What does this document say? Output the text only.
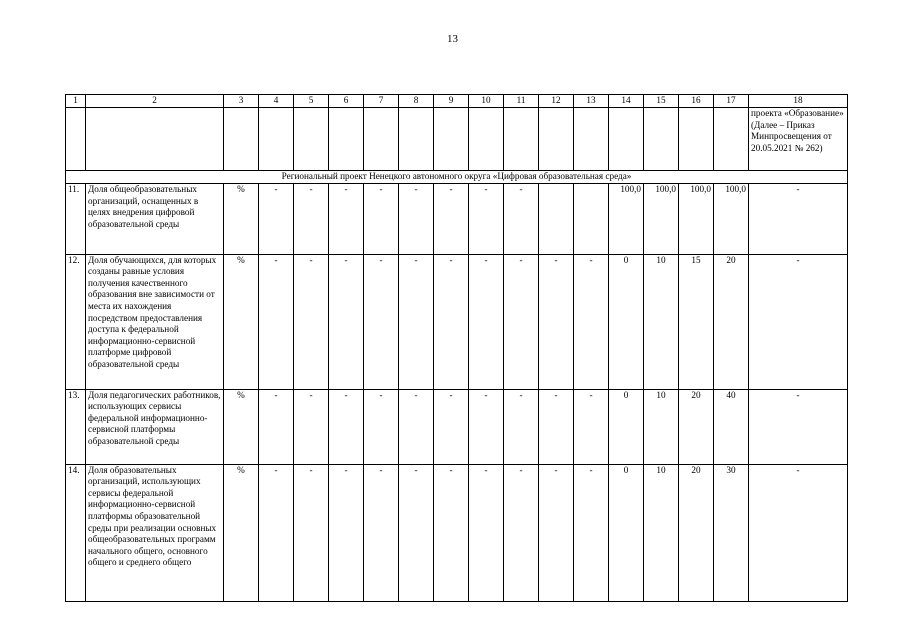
13
1	2	3	4	5	6	7	8	9	10	11	12	13	14	15	16	17	18	
																	проекта «Образование» (Далее – Приказ Минпросвещения от 20.05.2021 № 262)	
Региональный проект Ненецкого автономного округа «Цифровая образовательная среда»																		
11.	Доля общеобразовательных организаций, оснащенных в целях внедрения цифровой образовательной среды	%	-	-	-	-	-	-	-	-			100,0	100,0	100,0	100,0	-	
12.	Доля обучающихся, для которых созданы равные условия получения качественного образования вне зависимости от места их нахождения посредством предоставления доступа к федеральной информационно-сервисной платформе цифровой образовательной среды	%	-	-	-	-	-	-	-	-	-	-	0	10	15	20	-	
13.	Доля педагогических работников, использующих сервисы федеральной информационно-сервисной платформы образовательной среды	%	-	-	-	-	-	-	-	-	-	-	0	10	20	40	-	
14.	Доля образовательных организаций, использующих сервисы федеральной информационно-сервисной платформы образовательной среды при реализации основных общеобразовательных программ начального общего, основного общего и среднего общего	%	-	-	-	-	-	-	-	-	-	-	0	10	20	30	-	
